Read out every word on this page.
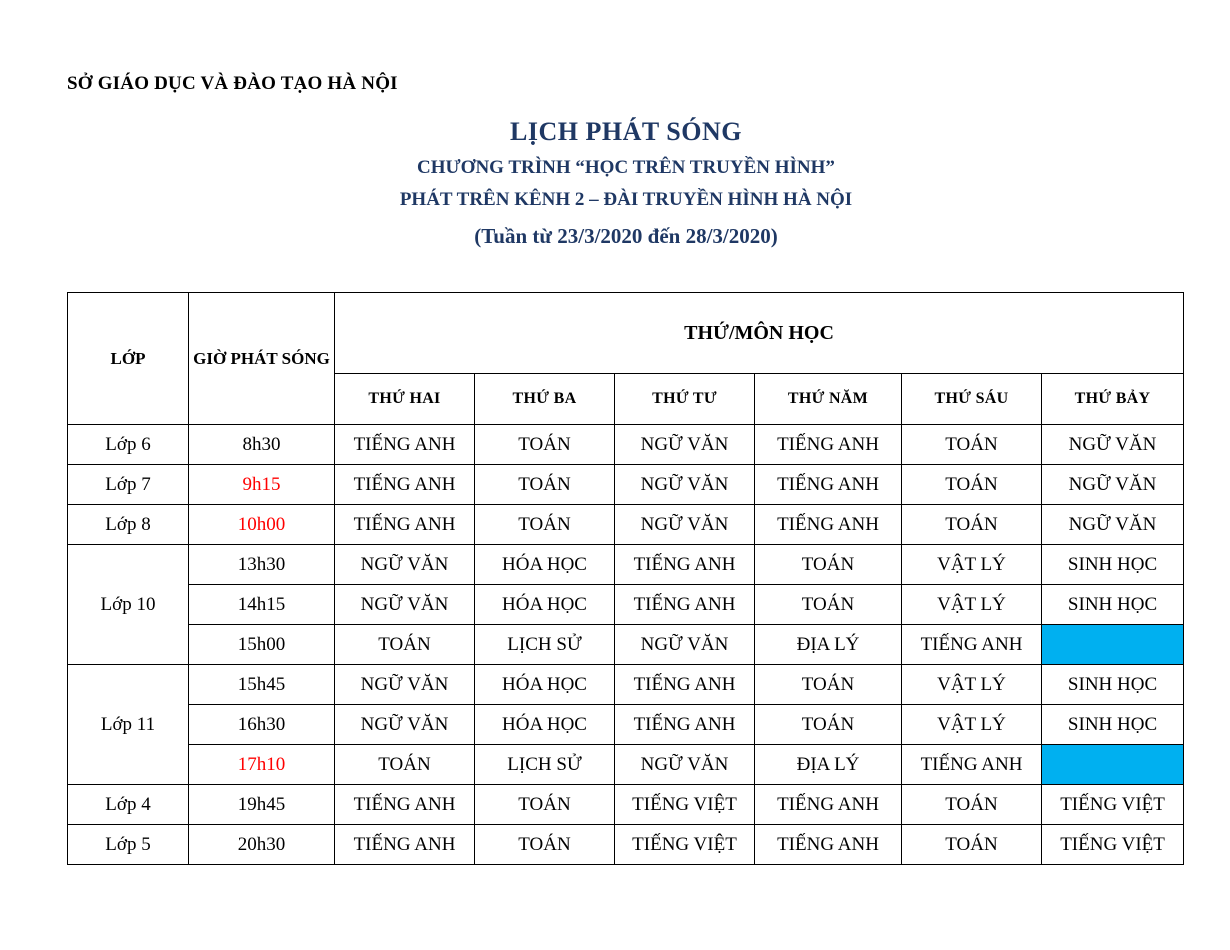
SỞ GIÁO DỤC VÀ ĐÀO TẠO HÀ NỘI
LỊCH PHÁT SÓNG
CHƯƠNG TRÌNH “HỌC TRÊN TRUYỀN HÌNH”
PHÁT TRÊN KÊNH 2 – ĐÀI TRUYỀN HÌNH HÀ NỘI
(Tuần từ 23/3/2020 đến 28/3/2020)
LỚP	GIỜ PHÁT SÓNG	THỨ/MÔN HỌC					
		THỨ HAI	THỨ BA	THỨ TƯ	THỨ NĂM	THỨ SÁU	THỨ BẢY
Lớp 6	8h30	TIẾNG ANH	TOÁN	NGỮ VĂN	TIẾNG ANH	TOÁN	NGỮ VĂN
Lớp 7	9h15	TIẾNG ANH	TOÁN	NGỮ VĂN	TIẾNG ANH	TOÁN	NGỮ VĂN
Lớp 8	10h00	TIẾNG ANH	TOÁN	NGỮ VĂN	TIẾNG ANH	TOÁN	NGỮ VĂN
Lớp 10	13h30	NGỮ VĂN	HÓA HỌC	TIẾNG ANH	TOÁN	VẬT LÝ	SINH HỌC
	14h15	NGỮ VĂN	HÓA HỌC	TIẾNG ANH	TOÁN	VẬT LÝ	SINH HỌC
	15h00	TOÁN	LỊCH SỬ	NGỮ VĂN	ĐỊA LÝ	TIẾNG ANH	
Lớp 11	15h45	NGỮ VĂN	HÓA HỌC	TIẾNG ANH	TOÁN	VẬT LÝ	SINH HỌC
	16h30	NGỮ VĂN	HÓA HỌC	TIẾNG ANH	TOÁN	VẬT LÝ	SINH HỌC
	17h10	TOÁN	LỊCH SỬ	NGỮ VĂN	ĐỊA LÝ	TIẾNG ANH	
Lớp 4	19h45	TIẾNG ANH	TOÁN	TIẾNG VIỆT	TIẾNG ANH	TOÁN	TIẾNG VIỆT
Lớp 5	20h30	TIẾNG ANH	TOÁN	TIẾNG VIỆT	TIẾNG ANH	TOÁN	TIẾNG VIỆT
